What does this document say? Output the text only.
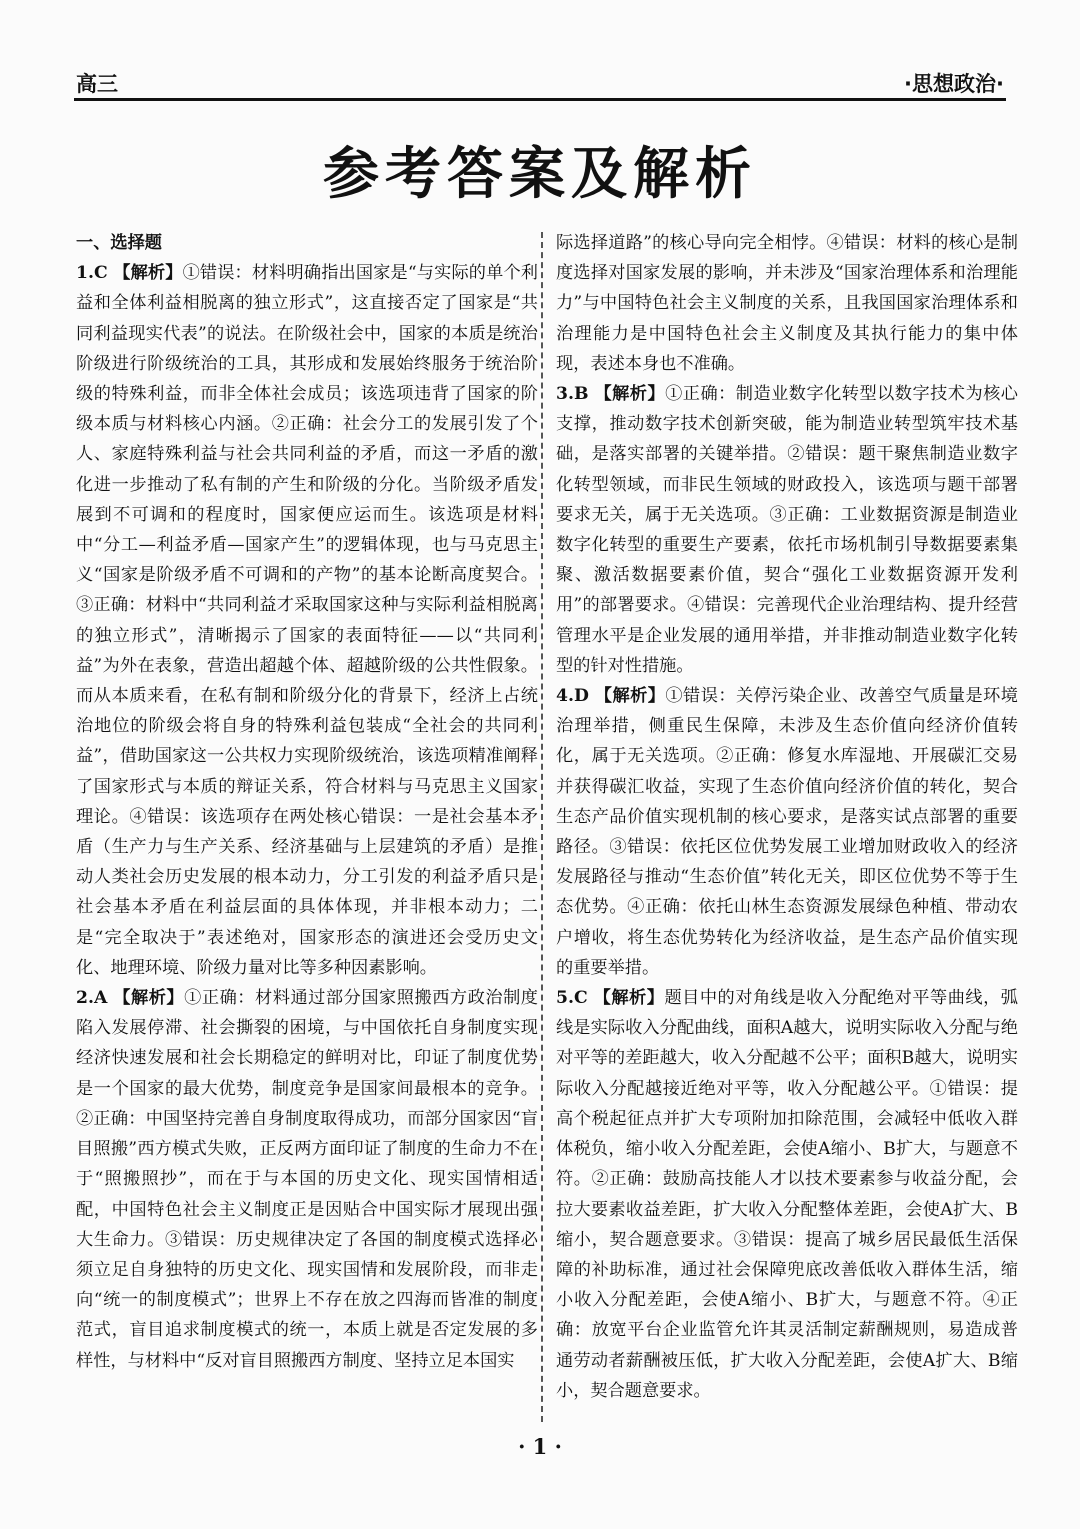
高三	·思想政治·
参考答案及解析
一、选择题

1.C 【解析】①错误：材料明确指出国家是“与实际的单个利益和全体利益相脱离的独立形式”，这直接否定了国家是“共同利益现实代表”的说法。在阶级社会中，国家的本质是统治阶级进行阶级统治的工具，其形成和发展始终服务于统治阶级的特殊利益，而非全体社会成员；该选项违背了国家的阶级本质与材料核心内涵。②正确：社会分工的发展引发了个人、家庭特殊利益与社会共同利益的矛盾，而这一矛盾的激化进一步推动了私有制的产生和阶级的分化。当阶级矛盾发展到不可调和的程度时，国家便应运而生。该选项是材料中“分工—利益矛盾—国家产生”的逻辑体现，也与马克思主义“国家是阶级矛盾不可调和的产物”的基本论断高度契合。③正确：材料中“共同利益才采取国家这种与实际利益相脱离的独立形式”，清晰揭示了国家的表面特征——以“共同利益”为外在表象，营造出超越个体、超越阶级的公共性假象。而从本质来看，在私有制和阶级分化的背景下，经济上占统治地位的阶级会将自身的特殊利益包装成“全社会的共同利益”，借助国家这一公共权力实现阶级统治，该选项精准阐释了国家形式与本质的辩证关系，符合材料与马克思主义国家理论。④错误：该选项存在两处核心错误：一是社会基本矛盾（生产力与生产关系、经济基础与上层建筑的矛盾）是推动人类社会历史发展的根本动力，分工引发的利益矛盾只是社会基本矛盾在利益层面的具体体现，并非根本动力；二是“完全取决于”表述绝对，国家形态的演进还会受历史文化、地理环境、阶级力量对比等多种因素影响。

2.A 【解析】①正确：材料通过部分国家照搬西方政治制度陷入发展停滞、社会撕裂的困境，与中国依托自身制度实现经济快速发展和社会长期稳定的鲜明对比，印证了制度优势是一个国家的最大优势，制度竞争是国家间最根本的竞争。②正确：中国坚持完善自身制度取得成功，而部分国家因“盲目照搬”西方模式失败，正反两方面印证了制度的生命力不在于“照搬照抄”，而在于与本国的历史文化、现实国情相适配，中国特色社会主义制度正是因贴合中国实际才展现出强大生命力。③错误：历史规律决定了各国的制度模式选择必须立足自身独特的历史文化、现实国情和发展阶段，而非走向“统一的制度模式”；世界上不存在放之四海而皆准的制度范式，盲目追求制度模式的统一，本质上就是否定发展的多样性，与材料中“反对盲目照搬西方制度、坚持立足本国实

际选择道路”的核心导向完全相悖。④错误：材料的核心是制度选择对国家发展的影响，并未涉及“国家治理体系和治理能力”与中国特色社会主义制度的关系，且我国国家治理体系和治理能力是中国特色社会主义制度及其执行能力的集中体现，表述本身也不准确。

3.B 【解析】①正确：制造业数字化转型以数字技术为核心支撑，推动数字技术创新突破，能为制造业转型筑牢技术基础，是落实部署的关键举措。②错误：题干聚焦制造业数字化转型领域，而非民生领域的财政投入，该选项与题干部署要求无关，属于无关选项。③正确：工业数据资源是制造业数字化转型的重要生产要素，依托市场机制引导数据要素集聚、激活数据要素价值，契合“强化工业数据资源开发利用”的部署要求。④错误：完善现代企业治理结构、提升经营管理水平是企业发展的通用举措，并非推动制造业数字化转型的针对性措施。

4.D 【解析】①错误：关停污染企业、改善空气质量是环境治理举措，侧重民生保障，未涉及生态价值向经济价值转化，属于无关选项。②正确：修复水库湿地、开展碳汇交易并获得碳汇收益，实现了生态价值向经济价值的转化，契合生态产品价值实现机制的核心要求，是落实试点部署的重要路径。③错误：依托区位优势发展工业增加财政收入的经济发展路径与推动“生态价值”转化无关，即区位优势不等于生态优势。④正确：依托山林生态资源发展绿色种植、带动农户增收，将生态优势转化为经济收益，是生态产品价值实现的重要举措。

5.C 【解析】题目中的对角线是收入分配绝对平等曲线，弧线是实际收入分配曲线，面积A越大，说明实际收入分配与绝对平等的差距越大，收入分配越不公平；面积B越大，说明实际收入分配越接近绝对平等，收入分配越公平。①错误：提高个税起征点并扩大专项附加扣除范围，会减轻中低收入群体税负，缩小收入分配差距，会使A缩小、B扩大，与题意不符。②正确：鼓励高技能人才以技术要素参与收益分配，会拉大要素收益差距，扩大收入分配整体差距，会使A扩大、B缩小，契合题意要求。③错误：提高了城乡居民最低生活保障的补助标准，通过社会保障兜底改善低收入群体生活，缩小收入分配差距，会使A缩小、B扩大，与题意不符。④正确：放宽平台企业监管允许其灵活制定薪酬规则，易造成普通劳动者薪酬被压低，扩大收入分配差距，会使A扩大、B缩小，契合题意要求。

· 1 ·
